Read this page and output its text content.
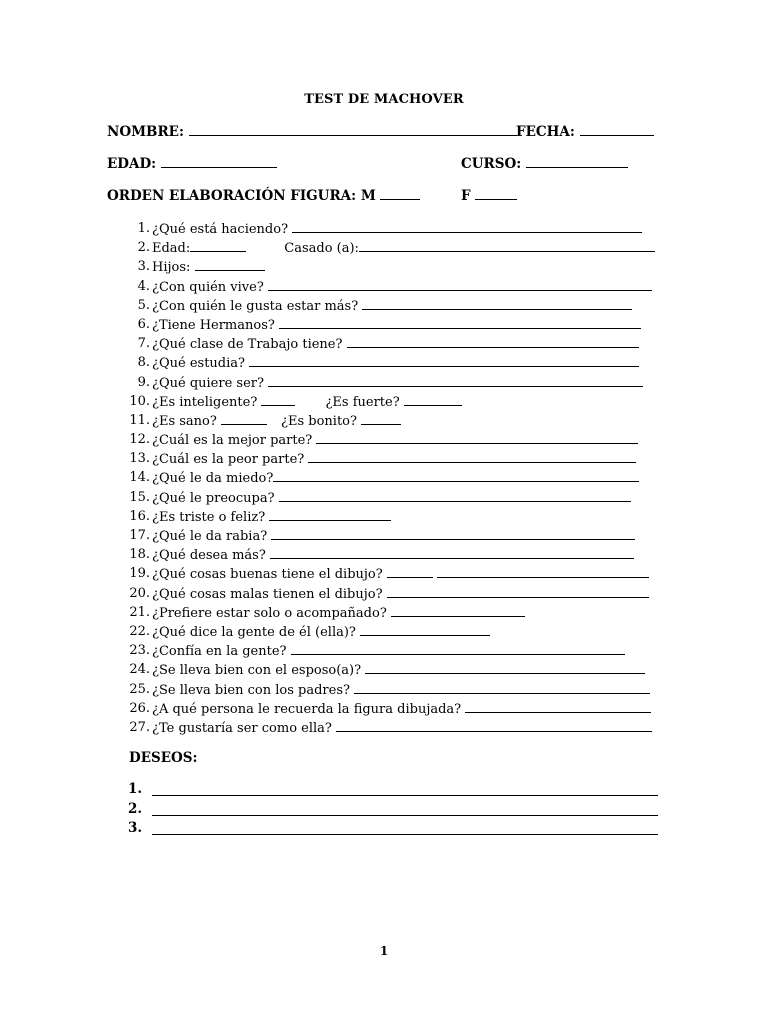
TEST DE MACHOVER
NOMBRE:	FECHA:
EDAD:	CURSO:
ORDEN ELABORACIÓN FIGURA: M	F
1. ¿Qué está haciendo?
2. Edad:	Casado (a):
3. Hijos:
4. ¿Con quién vive?
5. ¿Con quién le gusta estar más?
6. ¿Tiene Hermanos?
7. ¿Qué clase de Trabajo tiene?
8. ¿Qué estudia?
9. ¿Qué quiere ser?
10. ¿Es inteligente?	¿Es fuerte?
11. ¿Es sano?	¿Es bonito?
12. ¿Cuál es la mejor parte?
13. ¿Cuál es la peor parte?
14. ¿Qué le da miedo?
15. ¿Qué le preocupa?
16. ¿Es triste o feliz?
17. ¿Qué le da rabia?
18. ¿Qué desea más?
19. ¿Qué cosas buenas tiene el dibujo?
20. ¿Qué cosas malas tienen el dibujo?
21. ¿Prefiere estar solo o acompañado?
22. ¿Qué dice la gente de él (ella)?
23. ¿Confía en la gente?
24. ¿Se lleva bien con el esposo(a)?
25. ¿Se lleva bien con los padres?
26. ¿A qué persona le recuerda la figura dibujada?
27. ¿Te gustaría ser como ella?
DESEOS:
1.
2.
3.
1
